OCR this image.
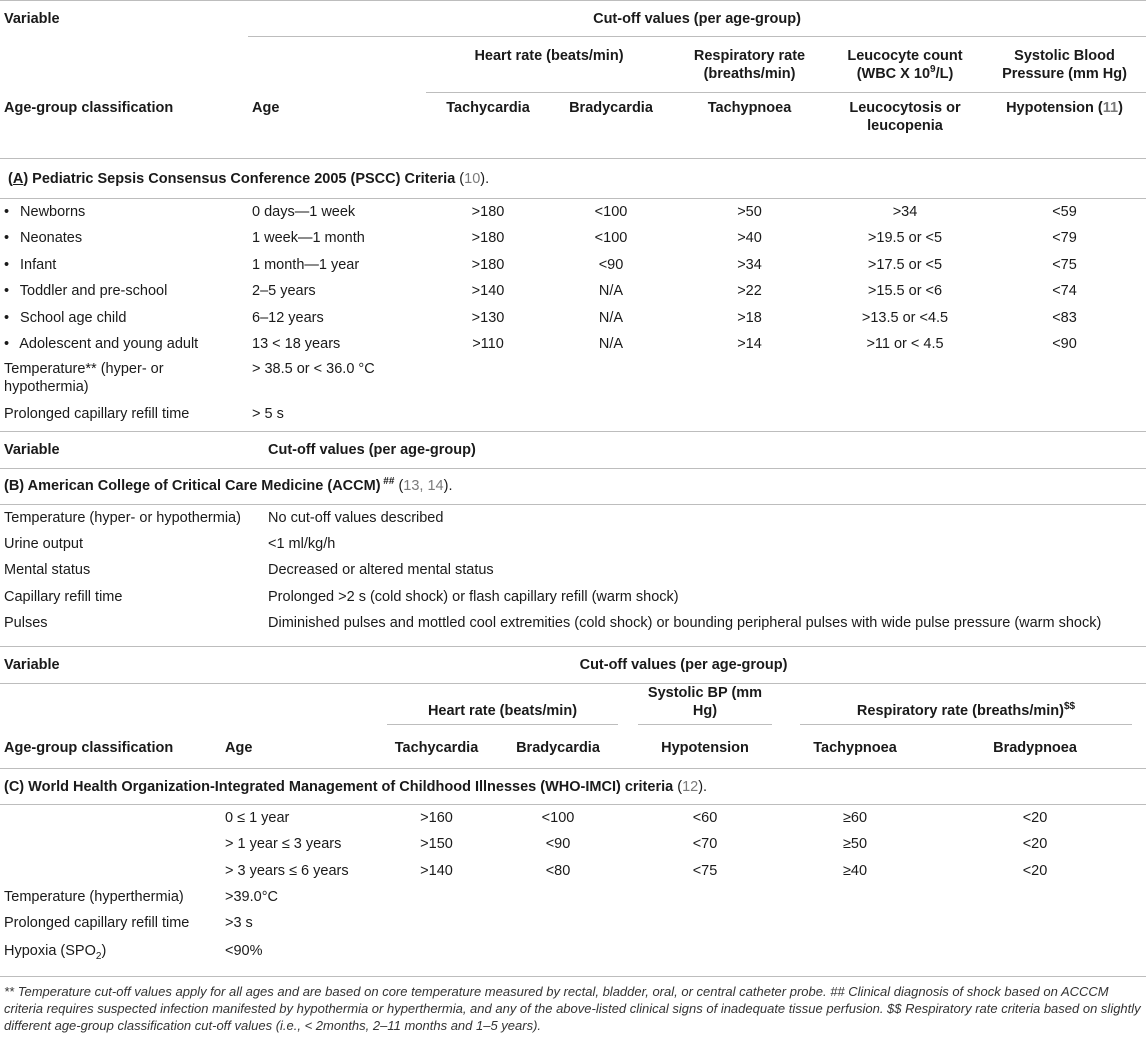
Variable	Cut-off values (per age-group)					
		Heart rate (beats/min)		Respiratory rate (breaths/min)	Leucocyte count (WBC X $10^9/L$)	Systolic Blood Pressure (mm Hg)
Age-group classification	Age	Tachycardia	Bradycardia	Tachypnoea	Leucocytosis or leucopenia	Hypotension (11)
(A) Pediatric Sepsis Consensus Conference 2005 (PSCC) Criteria (10).						
• Newborns	0 days—1 week	>180	<100	>50	>34	<59
• Neonates	1 week—1 month	>180	<100	>40	>19.5 or <5	<79
• Infant	1 month—1 year	>180	<90	>34	>17.5 or <5	<75
• Toddler and pre-school	2–5 years	>140	N/A	>22	>15.5 or <6	<74
• School age child	6–12 years	>130	N/A	>18	>13.5 or <4.5	<83
• Adolescent and young adult	13 < 18 years	>110	N/A	>14	>11 or < 4.5	<90
Temperature** (hyper- or hypothermia)	> 38.5 or < 36.0 °C					
Prolonged capillary refill time	> 5 s					
Variable	Cut-off values (per age-group)
(B) American College of Critical Care Medicine (ACCM) ## (13, 14).	
Temperature (hyper- or hypothermia)	No cut-off values described
Urine output	<1 ml/kg/h
Mental status	Decreased or altered mental status
Capillary refill time	Prolonged >2 s (cold shock) or flash capillary refill (warm shock)
Pulses	Diminished pulses and mottled cool extremities (cold shock) or bounding peripheral pulses with wide pulse pressure (warm shock)

Variable	Cut-off values (per age-group)					

		Heart rate (beats/min)		Systolic BP (mm Hg)	Respiratory rate (breaths/min)$$

Age-group classification	Age	Tachycardia	Bradycardia	Hypotension	Tachypnoea	Bradypnoea
(C) World Health Organization-Integrated Management of Childhood Illnesses (WHO-IMCI) criteria (12).						
	0 ≤ 1 year	>160	<100	<60	≥60	<20
	> 1 year ≤ 3 years	>150	<90	<70	≥50	<20
	> 3 years ≤ 6 years	>140	<80	<75	≥40	<20
Temperature (hyperthermia)	>39.0°C					
Prolonged capillary refill time	>3 s					
Hypoxia $(SPO_2)$	<90%					
** Temperature cut-off values apply for all ages and are based on core temperature measured by rectal, bladder, oral, or central catheter probe. ## Clinical diagnosis of shock based on ACCCM criteria requires suspected infection manifested by hypothermia or hyperthermia, and any of the above-listed clinical signs of inadequate tissue perfusion. $$ Respiratory rate criteria based on slightly different age-group classification cut-off values (i.e., < 2months, 2–11 months and 1–5 years).
